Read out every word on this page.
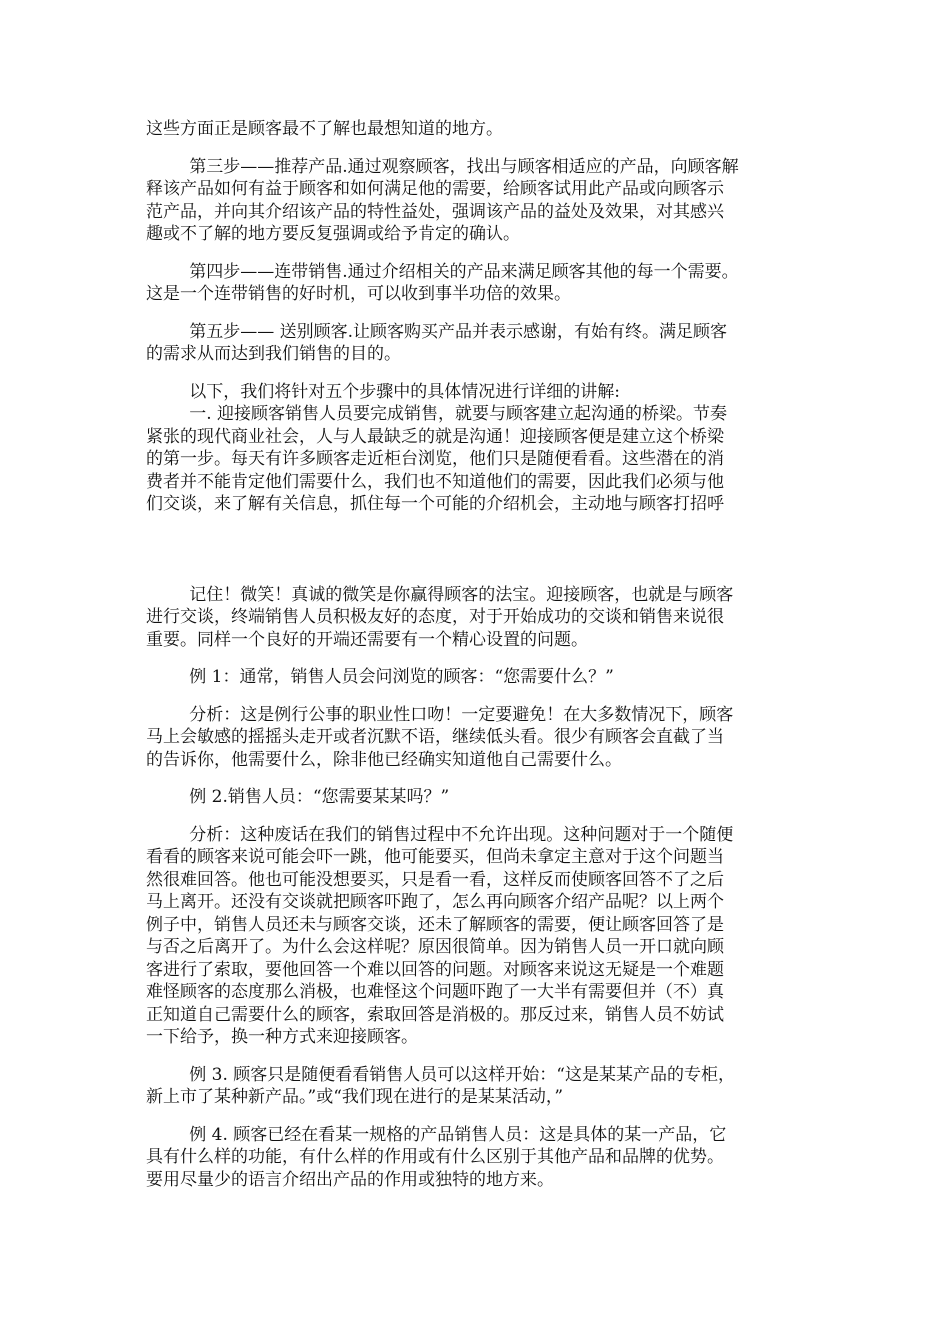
这些方面正是顾客最不了解也最想知道的地方。

第三步——推荐产品.通过观察顾客，找出与顾客相适应的产品，向顾客解
释该产品如何有益于顾客和如何满足他的需要，给顾客试用此产品或向顾客示
范产品，并向其介绍该产品的特性益处，强调该产品的益处及效果，对其感兴
趣或不了解的地方要反复强调或给予肯定的确认。

第四步——连带销售.通过介绍相关的产品来满足顾客其他的每一个需要。
这是一个连带销售的好时机，可以收到事半功倍的效果。

第五步—— 送别顾客.让顾客购买产品并表示感谢，有始有终。满足顾客
的需求从而达到我们销售的目的。

以下，我们将针对五个步骤中的具体情况进行详细的讲解:
一. 迎接顾客销售人员要完成销售，就要与顾客建立起沟通的桥梁。节奏
紧张的现代商业社会，人与人最缺乏的就是沟通！迎接顾客便是建立这个桥梁
的第一步。每天有许多顾客走近柜台浏览，他们只是随便看看。这些潜在的消
费者并不能肯定他们需要什么，我们也不知道他们的需要，因此我们必须与他
们交谈，来了解有关信息，抓住每一个可能的介绍机会，主动地与顾客打招呼

记住！微笑！真诚的微笑是你赢得顾客的法宝。迎接顾客，也就是与顾客
进行交谈，终端销售人员积极友好的态度，对于开始成功的交谈和销售来说很
重要。同样一个良好的开端还需要有一个精心设置的问题。

例 1：通常，销售人员会问浏览的顾客：“您需要什么？”

分析：这是例行公事的职业性口吻！一定要避免！在大多数情况下，顾客
马上会敏感的摇摇头走开或者沉默不语，继续低头看。很少有顾客会直截了当
的告诉你，他需要什么，除非他已经确实知道他自己需要什么。

例 2.销售人员：“您需要某某吗？”

分析：这种废话在我们的销售过程中不允许出现。这种问题对于一个随便
看看的顾客来说可能会吓一跳，他可能要买，但尚未拿定主意对于这个问题当
然很难回答。他也可能没想要买，只是看一看，这样反而使顾客回答不了之后
马上离开。还没有交谈就把顾客吓跑了，怎么再向顾客介绍产品呢？以上两个
例子中，销售人员还未与顾客交谈，还未了解顾客的需要，便让顾客回答了是
与否之后离开了。为什么会这样呢？原因很简单。因为销售人员一开口就向顾
客进行了索取，要他回答一个难以回答的问题。对顾客来说这无疑是一个难题
难怪顾客的态度那么消极，也难怪这个问题吓跑了一大半有需要但并（不）真
正知道自己需要什么的顾客，索取回答是消极的。那反过来，销售人员不妨试
一下给予，换一种方式来迎接顾客。

例 3. 顾客只是随便看看销售人员可以这样开始：“这是某某产品的专柜，
新上市了某种新产品。”或“我们现在进行的是某某活动，”

例 4. 顾客已经在看某一规格的产品销售人员：这是具体的某一产品，它
具有什么样的功能，有什么样的作用或有什么区别于其他产品和品牌的优势。
要用尽量少的语言介绍出产品的作用或独特的地方来。
